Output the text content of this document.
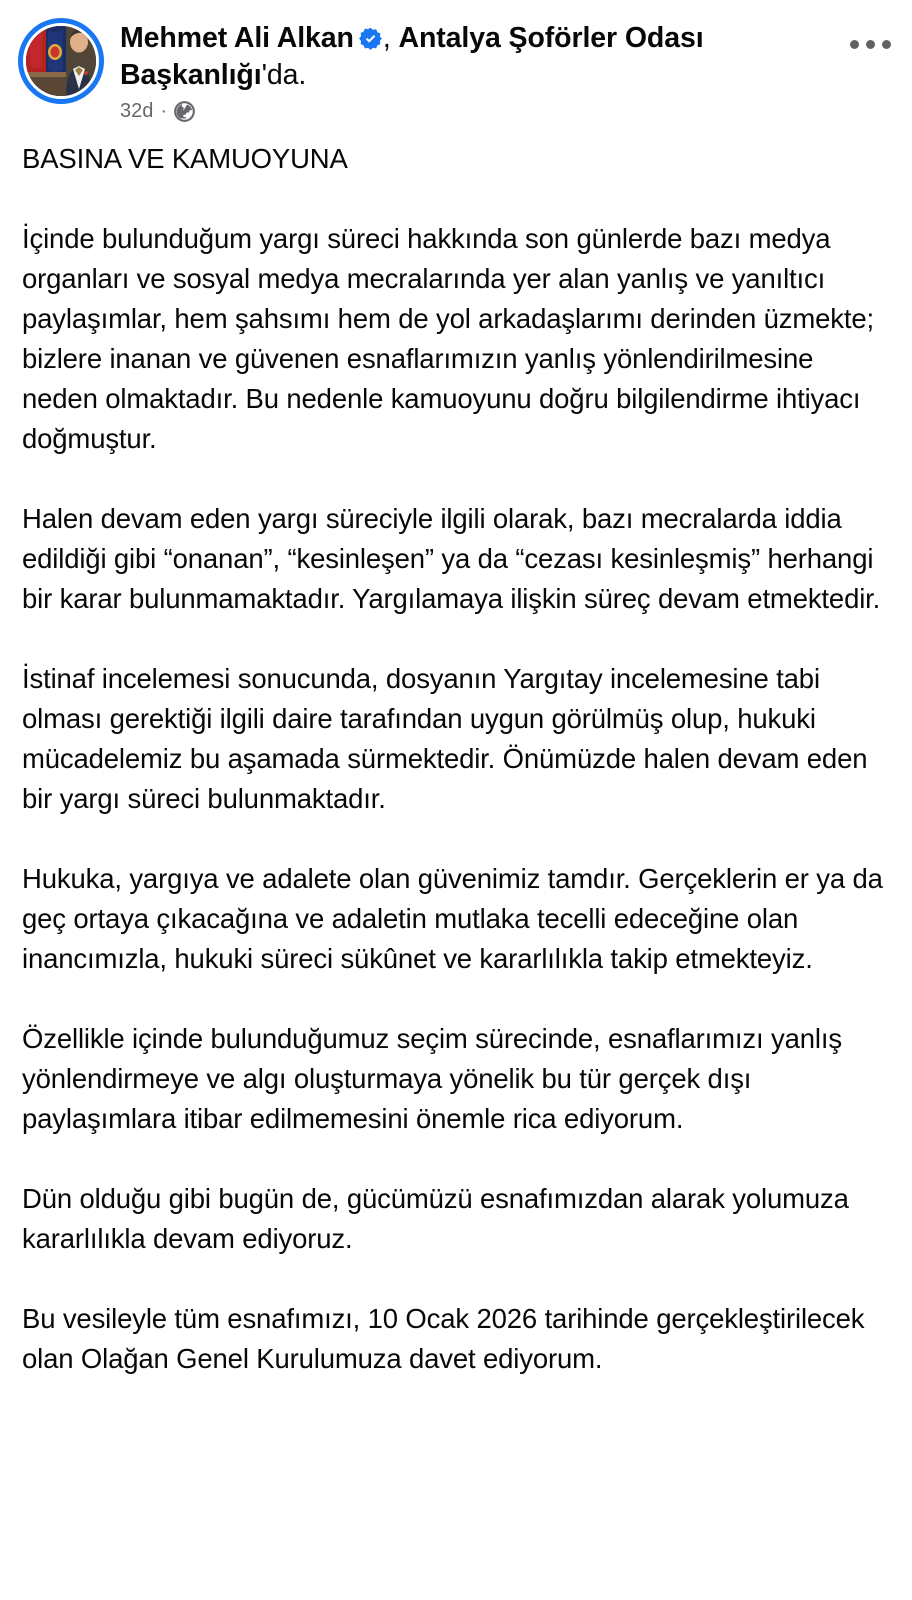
Mehmet Ali Alkan , Antalya Şoförler Odası Başkanlığı'da.
32d ·

BASINA VE KAMUOYUNA

İçinde bulunduğum yargı süreci hakkında son günlerde bazı medya organları ve sosyal medya mecralarında yer alan yanlış ve yanıltıcı paylaşımlar, hem şahsımı hem de yol arkadaşlarımı derinden üzmekte; bizlere inanan ve güvenen esnaflarımızın yanlış yönlendirilmesine neden olmaktadır. Bu nedenle kamuoyunu doğru bilgilendirme ihtiyacı doğmuştur.

Halen devam eden yargı süreciyle ilgili olarak, bazı mecralarda iddia edildiği gibi “onanan”, “kesinleşen” ya da “cezası kesinleşmiş” herhangi bir karar bulunmamaktadır. Yargılamaya ilişkin süreç devam etmektedir.

İstinaf incelemesi sonucunda, dosyanın Yargıtay incelemesine tabi olması gerektiği ilgili daire tarafından uygun görülmüş olup, hukuki mücadelemiz bu aşamada sürmektedir. Önümüzde halen devam eden bir yargı süreci bulunmaktadır.

Hukuka, yargıya ve adalete olan güvenimiz tamdır. Gerçeklerin er ya da geç ortaya çıkacağına ve adaletin mutlaka tecelli edeceğine olan inancımızla, hukuki süreci sükûnet ve kararlılıkla takip etmekteyiz.

Özellikle içinde bulunduğumuz seçim sürecinde, esnaflarımızı yanlış yönlendirmeye ve algı oluşturmaya yönelik bu tür gerçek dışı paylaşımlara itibar edilmemesini önemle rica ediyorum.

Dün olduğu gibi bugün de, gücümüzü esnafımızdan alarak yolumuza kararlılıkla devam ediyoruz.

Bu vesileyle tüm esnafımızı, 10 Ocak 2026 tarihinde gerçekleştirilecek olan Olağan Genel Kurulumuza davet ediyorum.
